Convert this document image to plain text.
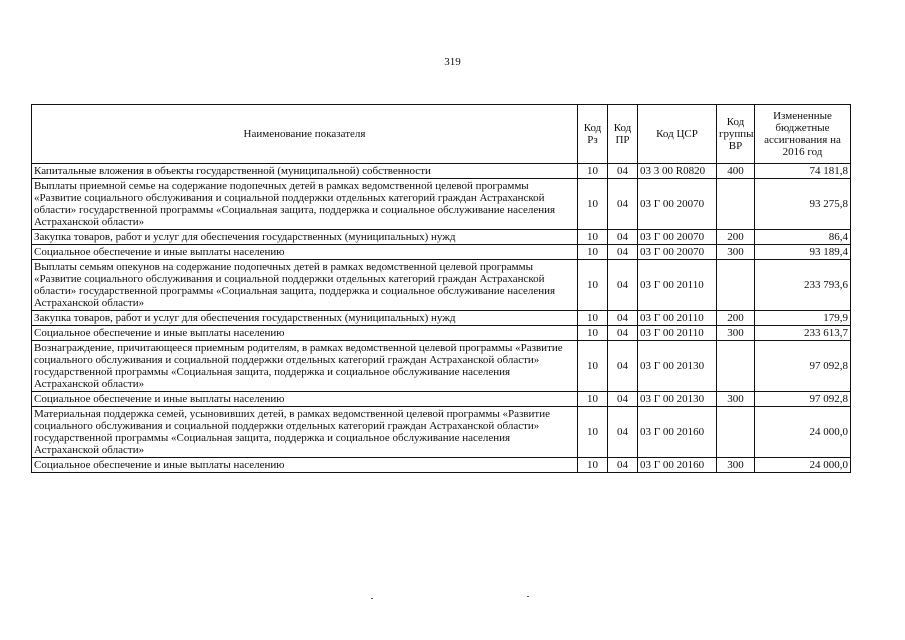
319
Наименование показателя	Код Рз	Код ПР	Код ЦСР	Код группы ВР	Измененные бюджетные ассигнования на 2016 год
Капитальные вложения в объекты государственной (муниципальной) собственности	10	04	03 3 00 R0820	400	74 181,8
Выплаты приемной семье на содержание подопечных детей в рамках ведомственной целевой программы «Развитие социального обслуживания и социальной поддержки отдельных категорий граждан Астраханской области» государственной программы «Социальная защита, поддержка и социальное обслуживание населения Астраханской области»	10	04	03 Г 00 20070		93 275,8
Закупка товаров, работ и услуг для обеспечения государственных (муниципальных) нужд	10	04	03 Г 00 20070	200	86,4
Социальное обеспечение и иные выплаты населению	10	04	03 Г 00 20070	300	93 189,4
Выплаты семьям опекунов на содержание подопечных детей в рамках ведомственной целевой программы «Развитие социального обслуживания и социальной поддержки отдельных категорий граждан Астраханской области» государственной программы «Социальная защита, поддержка и социальное обслуживание населения Астраханской области»	10	04	03 Г 00 20110		233 793,6
Закупка товаров, работ и услуг для обеспечения государственных (муниципальных) нужд	10	04	03 Г 00 20110	200	179,9
Социальное обеспечение и иные выплаты населению	10	04	03 Г 00 20110	300	233 613,7
Вознаграждение, причитающееся приемным родителям, в рамках ведомственной целевой программы «Развитие социального обслуживания и социальной поддержки отдельных категорий граждан Астраханской области» государственной программы «Социальная защита, поддержка и социальное обслуживание населения Астраханской области»	10	04	03 Г 00 20130		97 092,8
Социальное обеспечение и иные выплаты населению	10	04	03 Г 00 20130	300	97 092,8
Материальная поддержка семей, усыновивших детей, в рамках ведомственной целевой программы «Развитие социального обслуживания и социальной поддержки отдельных категорий граждан Астраханской области» государственной программы «Социальная защита, поддержка и социальное обслуживание населения Астраханской области»	10	04	03 Г 00 20160		24 000,0
Социальное обеспечение и иные выплаты населению	10	04	03 Г 00 20160	300	24 000,0
